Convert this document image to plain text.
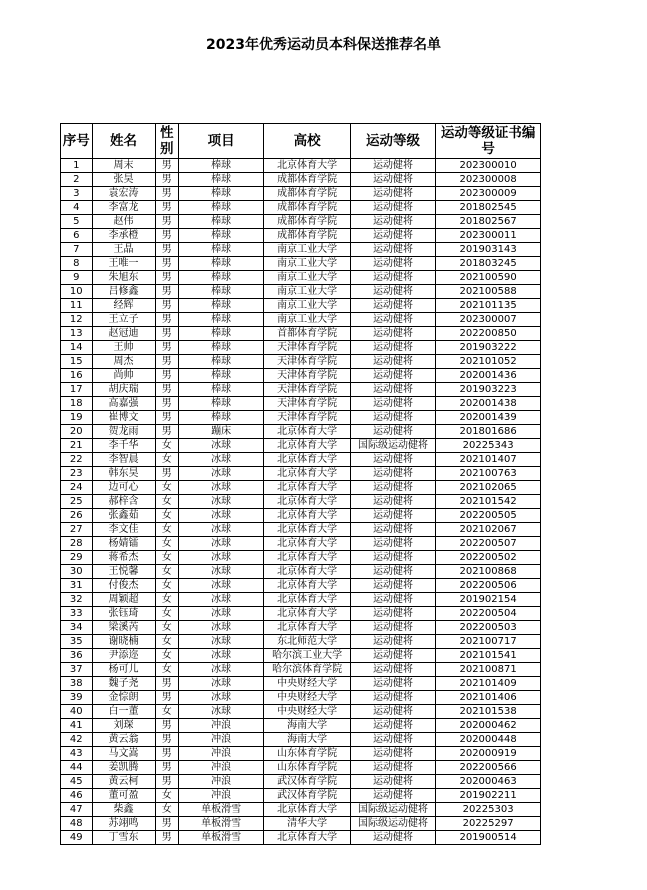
2023年优秀运动员本科保送推荐名单
序号	姓名	性别	项目	高校	运动等级	运动等级证书编号
1	周末	男	棒球	北京体育大学	运动健将	202300010
2	张昊	男	棒球	成都体育学院	运动健将	202300008
3	袁宏涛	男	棒球	成都体育学院	运动健将	202300009
4	李富龙	男	棒球	成都体育学院	运动健将	201802545
5	赵伟	男	棒球	成都体育学院	运动健将	201802567
6	李承橙	男	棒球	成都体育学院	运动健将	202300011
7	王晶	男	棒球	南京工业大学	运动健将	201903143
8	王唯一	男	棒球	南京工业大学	运动健将	201803245
9	朱旭东	男	棒球	南京工业大学	运动健将	202100590
10	吕修鑫	男	棒球	南京工业大学	运动健将	202100588
11	经辉	男	棒球	南京工业大学	运动健将	202101135
12	王立子	男	棒球	南京工业大学	运动健将	202300007
13	赵冠迪	男	棒球	首都体育学院	运动健将	202200850
14	王帅	男	棒球	天津体育学院	运动健将	201903222
15	周杰	男	棒球	天津体育学院	运动健将	202101052
16	尚帅	男	棒球	天津体育学院	运动健将	202001436
17	胡庆瑞	男	棒球	天津体育学院	运动健将	201903223
18	高嘉强	男	棒球	天津体育学院	运动健将	202001438
19	崔博文	男	棒球	天津体育学院	运动健将	202001439
20	贺龙雨	男	蹦床	北京体育大学	运动健将	201801686
21	李千华	女	冰球	北京体育大学	国际级运动健将	20225343
22	李智晨	女	冰球	北京体育大学	运动健将	202101407
23	韩东昊	男	冰球	北京体育大学	运动健将	202100763
24	边可心	女	冰球	北京体育大学	运动健将	202102065
25	郝梓含	女	冰球	北京体育大学	运动健将	202101542
26	张鑫茹	女	冰球	北京体育大学	运动健将	202200505
27	李文佳	女	冰球	北京体育大学	运动健将	202102067
28	杨婧镭	女	冰球	北京体育大学	运动健将	202200507
29	蒋希杰	女	冰球	北京体育大学	运动健将	202200502
30	王悦馨	女	冰球	北京体育大学	运动健将	202100868
31	付俊杰	女	冰球	北京体育大学	运动健将	202200506
32	周颖超	女	冰球	北京体育大学	运动健将	201902154
33	张钰琦	女	冰球	北京体育大学	运动健将	202200504
34	梁溪芮	女	冰球	北京体育大学	运动健将	202200503
35	谢晓楠	女	冰球	东北师范大学	运动健将	202100717
36	尹添迩	女	冰球	哈尔滨工业大学	运动健将	202101541
37	杨可儿	女	冰球	哈尔滨体育学院	运动健将	202100871
38	魏子尧	男	冰球	中央财经大学	运动健将	202101409
39	金悰朗	男	冰球	中央财经大学	运动健将	202101406
40	白一董	女	冰球	中央财经大学	运动健将	202101538
41	刘琛	男	冲浪	海南大学	运动健将	202000462
42	黄云翁	男	冲浪	海南大学	运动健将	202000448
43	马文嵩	男	冲浪	山东体育学院	运动健将	202000919
44	姜凯腾	男	冲浪	山东体育学院	运动健将	202200566
45	黄云柯	男	冲浪	武汉体育学院	运动健将	202000463
46	董可盈	女	冲浪	武汉体育学院	运动健将	201902211
47	柴鑫	女	单板滑雪	北京体育大学	国际级运动健将	20225303
48	苏翊鸣	男	单板滑雪	清华大学	国际级运动健将	20225297
49	丁雪东	男	单板滑雪	北京体育大学	运动健将	201900514
